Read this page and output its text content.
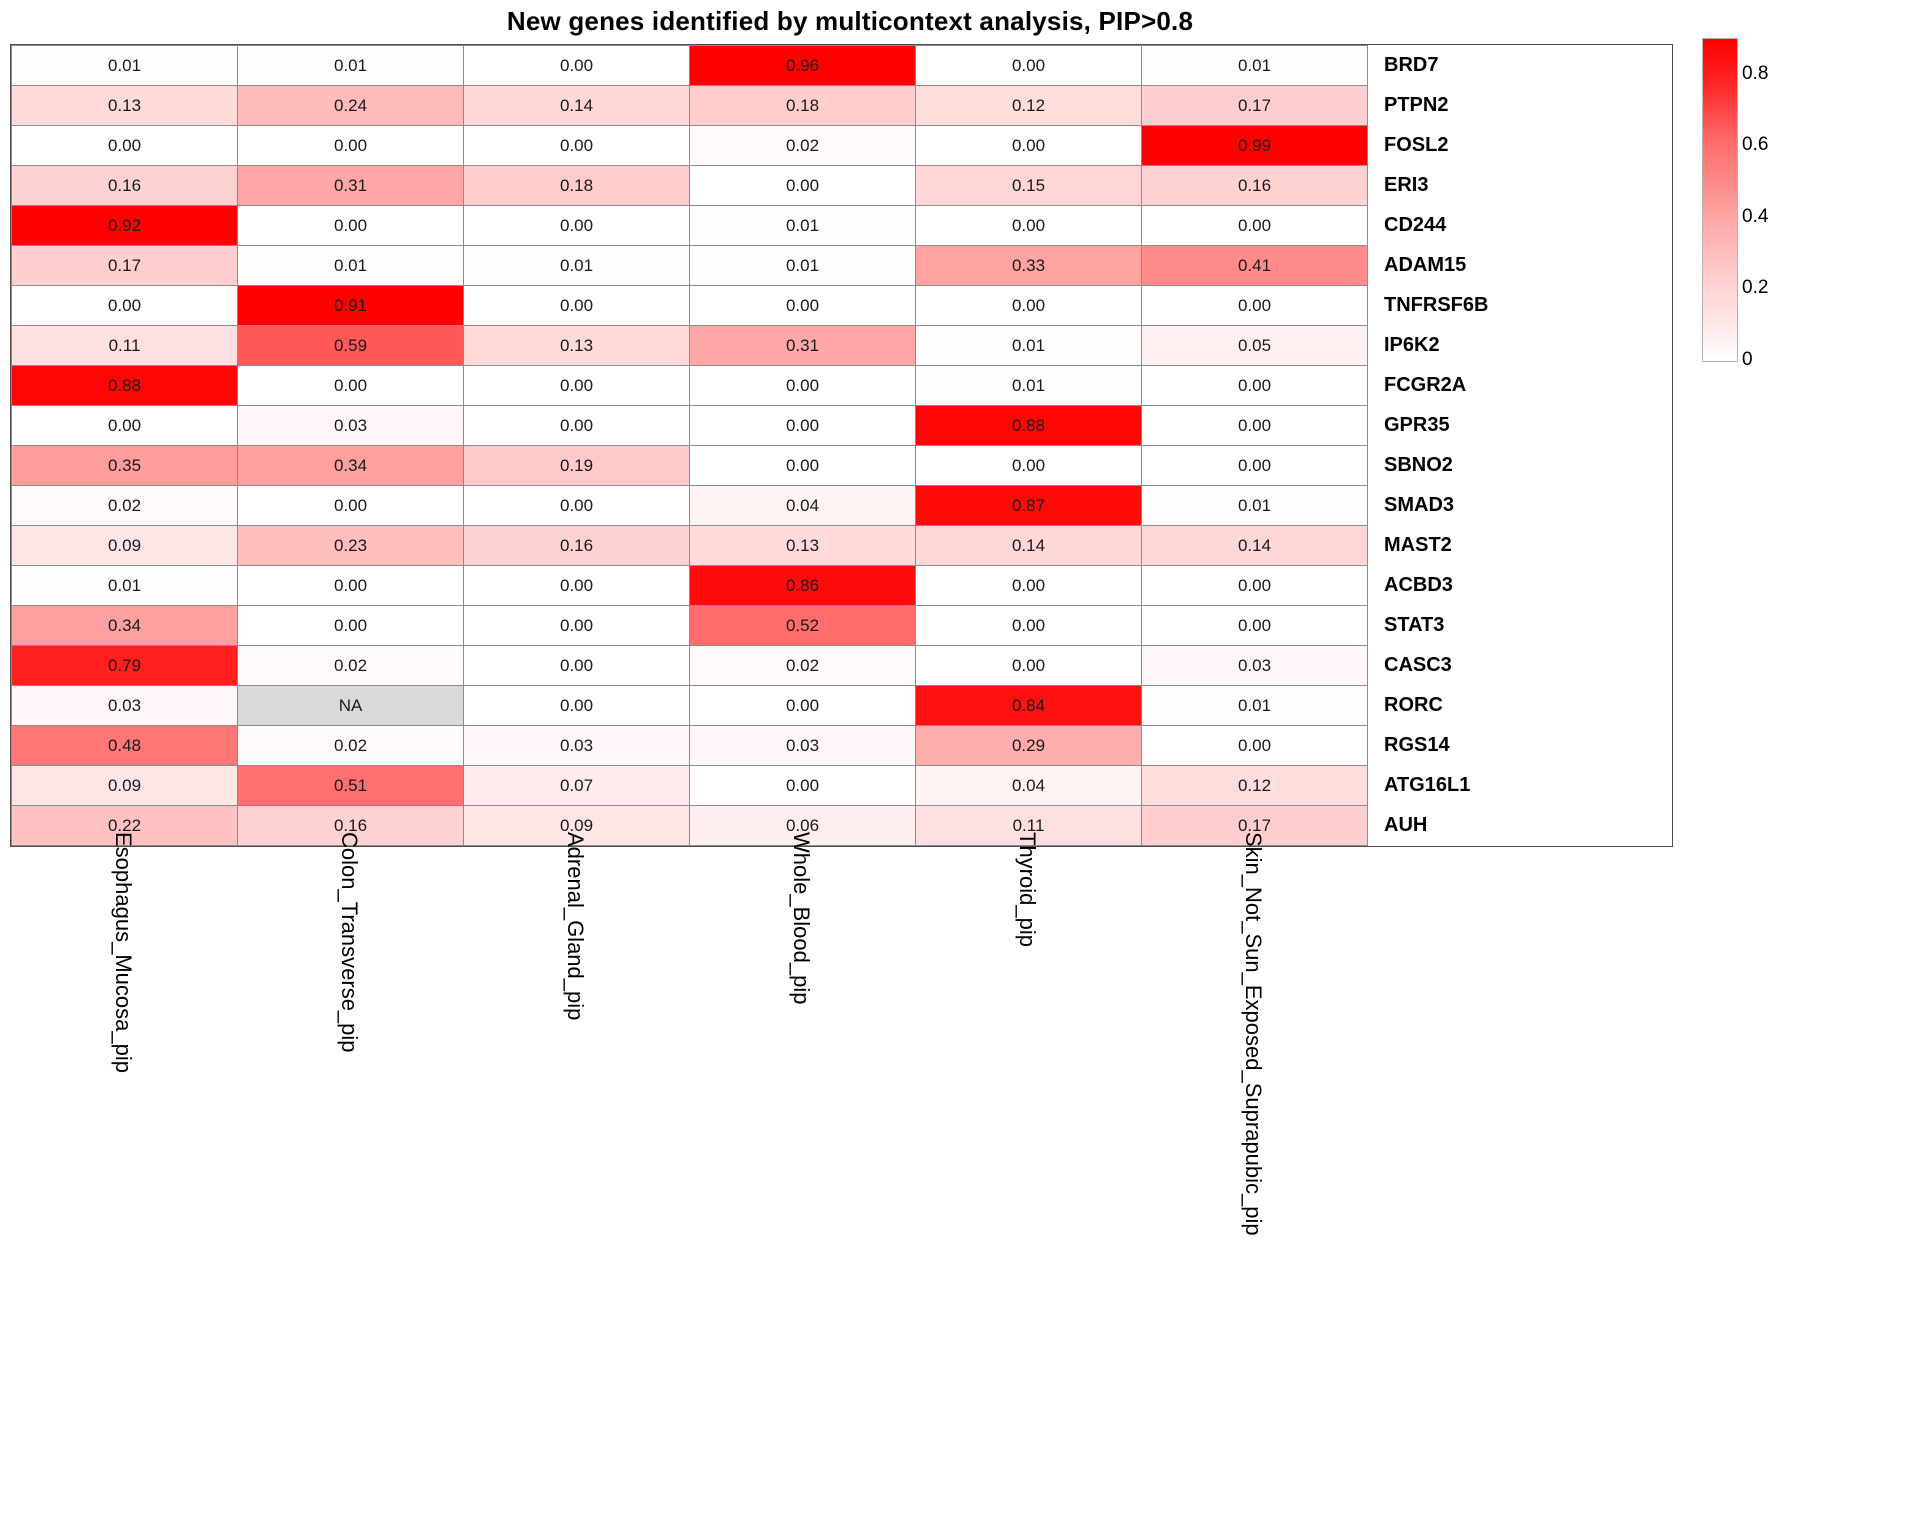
New genes identified by multicontext analysis, PIP>0.8
0.01	0.01	0.00	0.96	0.00	0.01	BRD7
0.13	0.24	0.14	0.18	0.12	0.17	PTPN2
0.00	0.00	0.00	0.02	0.00	0.99	FOSL2
0.16	0.31	0.18	0.00	0.15	0.16	ERI3
0.92	0.00	0.00	0.01	0.00	0.00	CD244
0.17	0.01	0.01	0.01	0.33	0.41	ADAM15
0.00	0.91	0.00	0.00	0.00	0.00	TNFRSF6B
0.11	0.59	0.13	0.31	0.01	0.05	IP6K2
0.88	0.00	0.00	0.00	0.01	0.00	FCGR2A
0.00	0.03	0.00	0.00	0.88	0.00	GPR35
0.35	0.34	0.19	0.00	0.00	0.00	SBNO2
0.02	0.00	0.00	0.04	0.87	0.01	SMAD3
0.09	0.23	0.16	0.13	0.14	0.14	MAST2
0.01	0.00	0.00	0.86	0.00	0.00	ACBD3
0.34	0.00	0.00	0.52	0.00	0.00	STAT3
0.79	0.02	0.00	0.02	0.00	0.03	CASC3
0.03	NA	0.00	0.00	0.84	0.01	RORC
0.48	0.02	0.03	0.03	0.29	0.00	RGS14
0.09	0.51	0.07	0.00	0.04	0.12	ATG16L1
0.22	0.16	0.09	0.06	0.11	0.17	AUH
Esophagus_Mucosa_pip	Colon_Transverse_pip	Adrenal_Gland_pip	Whole_Blood_pip	Thyroid_pip	Skin_Not_Sun_Exposed_Suprapubic_pip
0
0.2
0.4
0.6
0.8
